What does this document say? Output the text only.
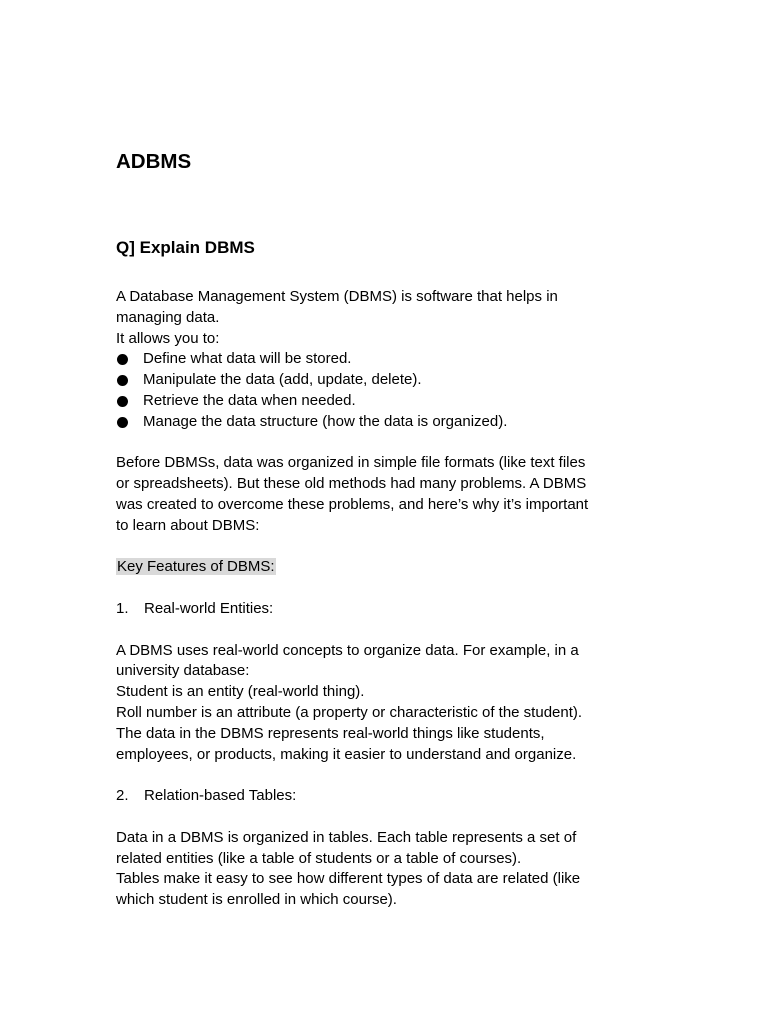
ADBMS
Q] Explain DBMS
A Database Management System (DBMS) is software that helps in
managing data.
It allows you to:
Define what data will be stored.
Manipulate the data (add, update, delete).
Retrieve the data when needed.
Manage the data structure (how the data is organized).
Before DBMSs, data was organized in simple file formats (like text files
or spreadsheets). But these old methods had many problems. A DBMS
was created to overcome these problems, and here’s why it’s important
to learn about DBMS:
Key Features of DBMS:
1.	Real-world Entities:
A DBMS uses real-world concepts to organize data. For example, in a
university database:
Student is an entity (real-world thing).
Roll number is an attribute (a property or characteristic of the student).
The data in the DBMS represents real-world things like students,
employees, or products, making it easier to understand and organize.
2.	Relation-based Tables:
Data in a DBMS is organized in tables. Each table represents a set of
related entities (like a table of students or a table of courses).
Tables make it easy to see how different types of data are related (like
which student is enrolled in which course).
